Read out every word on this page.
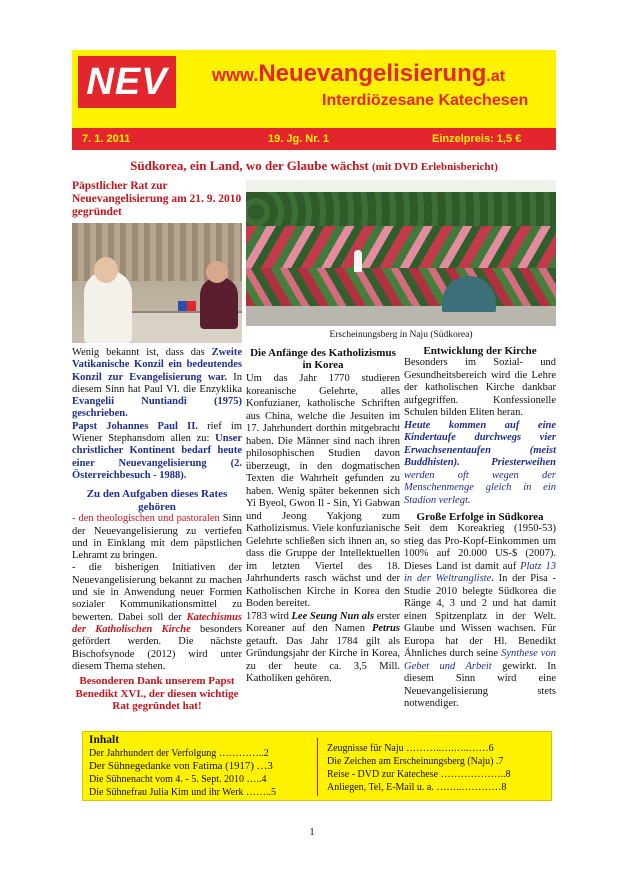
NEV	www.Neuevangelisierung.at
Interdiözesane Katechesen
7. 1. 2011	19. Jg. Nr. 1	Einzelpreis: 1,5 €
Südkorea, ein Land, wo der Glaube wächst (mit DVD Erlebnisbericht)
Päpstlicher Rat zur Neuevangelisierung am 21. 9. 2010 gegründet
Wenig bekannt ist, dass das Zweite Vatikanische Konzil ein bedeutendes Konzil zur Evangelisierung war. In diesem Sinn hat Paul VI. die Enzyklika Evangelii Nuntiandi (1975) geschrieben.
Papst Johannes Paul II. rief im Wiener Stephansdom allen zu: Unser christlicher Kontinent bedarf heute einer Neuevangelisierung (2. Österreichbesuch - 1988).
Zu den Aufgaben dieses Rates gehören
- den theologischen und pastoralen Sinn der Neuevangelisierung zu vertiefen und in Einklang mit dem päpstlichen Lehramt zu bringen.
- die bisherigen Initiativen der Neuevangelisierung bekannt zu machen und sie in Anwendung neuer Formen sozialer Kommunikationsmittel zu bewerten. Dabei soll der Katechismus der Katholischen Kirche besonders gefördert werden. Die nächste Bischofsynode (2012) wird unter diesem Thema stehen.
Besonderen Dank unserem Papst Benedikt XVI., der diesen wichtige Rat gegründet hat!
Erscheinungsberg in Naju (Südkorea)
Die Anfänge des Katholizismus in Korea
Um das Jahr 1770 studieren koreanische Gelehrte, alles Konfuzianer, katholische Schriften aus China, welche die Jesuiten im 17. Jahrhundert dorthin mitgebracht haben. Die Männer sind nach ihren philosophischen Studien davon überzeugt, in den dogmatischen Texten die Wahrheit gefunden zu haben. Wenig später bekennen sich Yi Byeol, Gwon Il - Sin, Yi Gabwan und Jeong Yakjong zum Katholizismus. Viele konfuzianische Gelehrte schließen sich ihnen an, so dass die Gruppe der Intellektuellen im letzten Viertel des 18. Jahrhunderts rasch wächst und der Katholischen Kirche in Korea den Boden bereitet.
1783 wird Lee Seung Nun als erster Koreaner auf den Namen Petrus getauft. Das Jahr 1784 gilt als Gründungsjahr der Kirche in Korea, zu der heute ca. 3,5 Mill. Katholiken gehören.
Entwicklung der Kirche
Besonders im Sozial- und Gesundheitsbereich wird die Lehre der katholischen Kirche dankbar aufgegriffen. Konfessionelle Schulen bilden Eliten heran.
Heute kommen auf eine Kindertaufe durchwegs vier Erwachsenentaufen (meist Buddhisten). Priesterweihen werden oft wegen der Menschenmenge gleich in ein Stadion verlegt.
Große Erfolge in Südkorea
Seit dem Koreakrieg (1950-53) stieg das Pro-Kopf-Einkommen um 100% auf 20.000 US-$ (2007). Dieses Land ist damit auf Platz 13 in der Weltrangliste. In der Pisa - Studie 2010 belegte Südkorea die Ränge 4, 3 und 2 und hat damit einen Spitzenplatz in der Welt. Glaube und Wissen wachsen. Für Europa hat der Hl. Benedikt Ähnliches durch seine Synthese von Gebet und Arbeit gewirkt. In diesem Sinn wird eine Neuevangelisierung stets notwendiger.
Inhalt
Der Jahrhundert der Verfolgung …………..2
Der Sühnegedanke von Fatima (1917) …3
Die Sühnenacht vom 4. - 5. Sept. 2010 …..4
Die Sühnefrau Julia Kim und ihr Werk ……..5
Zeugnisse für Naju ………..….…..……6
Die Zeichen am Erscheinungsberg (Naju) .7
Reise - DVD zur Katechese ………………..8
Anliegen, Tel, E-Mail u. a. ……..…………8
1
